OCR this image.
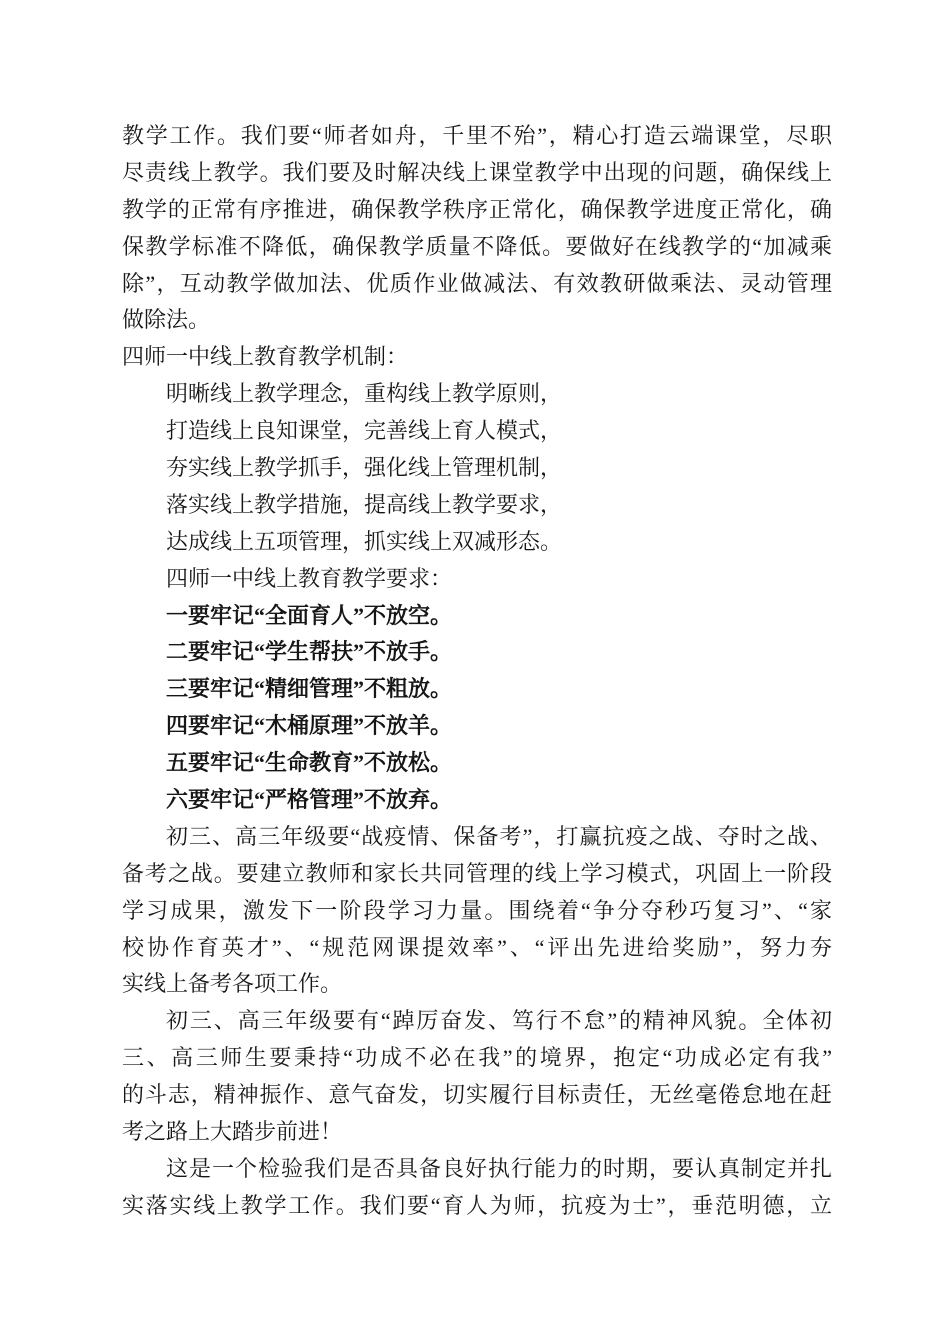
教学工作。我们要“师者如舟，千里不殆”，精心打造云端课堂，尽职
尽责线上教学。我们要及时解决线上课堂教学中出现的问题，确保线上
教学的正常有序推进，确保教学秩序正常化，确保教学进度正常化，确
保教学标准不降低，确保教学质量不降低。要做好在线教学的“加减乘
除”，互动教学做加法、优质作业做减法、有效教研做乘法、灵动管理
做除法。
四师一中线上教育教学机制：
明晰线上教学理念，重构线上教学原则，
打造线上良知课堂，完善线上育人模式，
夯实线上教学抓手，强化线上管理机制，
落实线上教学措施，提高线上教学要求，
达成线上五项管理，抓实线上双减形态。
四师一中线上教育教学要求：
一要牢记“全面育人”不放空。
二要牢记“学生帮扶”不放手。
三要牢记“精细管理”不粗放。
四要牢记“木桶原理”不放羊。
五要牢记“生命教育”不放松。
六要牢记“严格管理”不放弃。
初三、高三年级要“战疫情、保备考”，打赢抗疫之战、夺时之战、
备考之战。要建立教师和家长共同管理的线上学习模式，巩固上一阶段
学习成果，激发下一阶段学习力量。围绕着“争分夺秒巧复习”、“家
校协作育英才”、“规范网课提效率”、“评出先进给奖励”，努力夯
实线上备考各项工作。
初三、高三年级要有“踔厉奋发、笃行不怠”的精神风貌。全体初
三、高三师生要秉持“功成不必在我”的境界，抱定“功成必定有我”
的斗志，精神振作、意气奋发，切实履行目标责任，无丝毫倦怠地在赶
考之路上大踏步前进！
这是一个检验我们是否具备良好执行能力的时期，要认真制定并扎
实落实线上教学工作。我们要“育人为师，抗疫为士”，垂范明德，立
